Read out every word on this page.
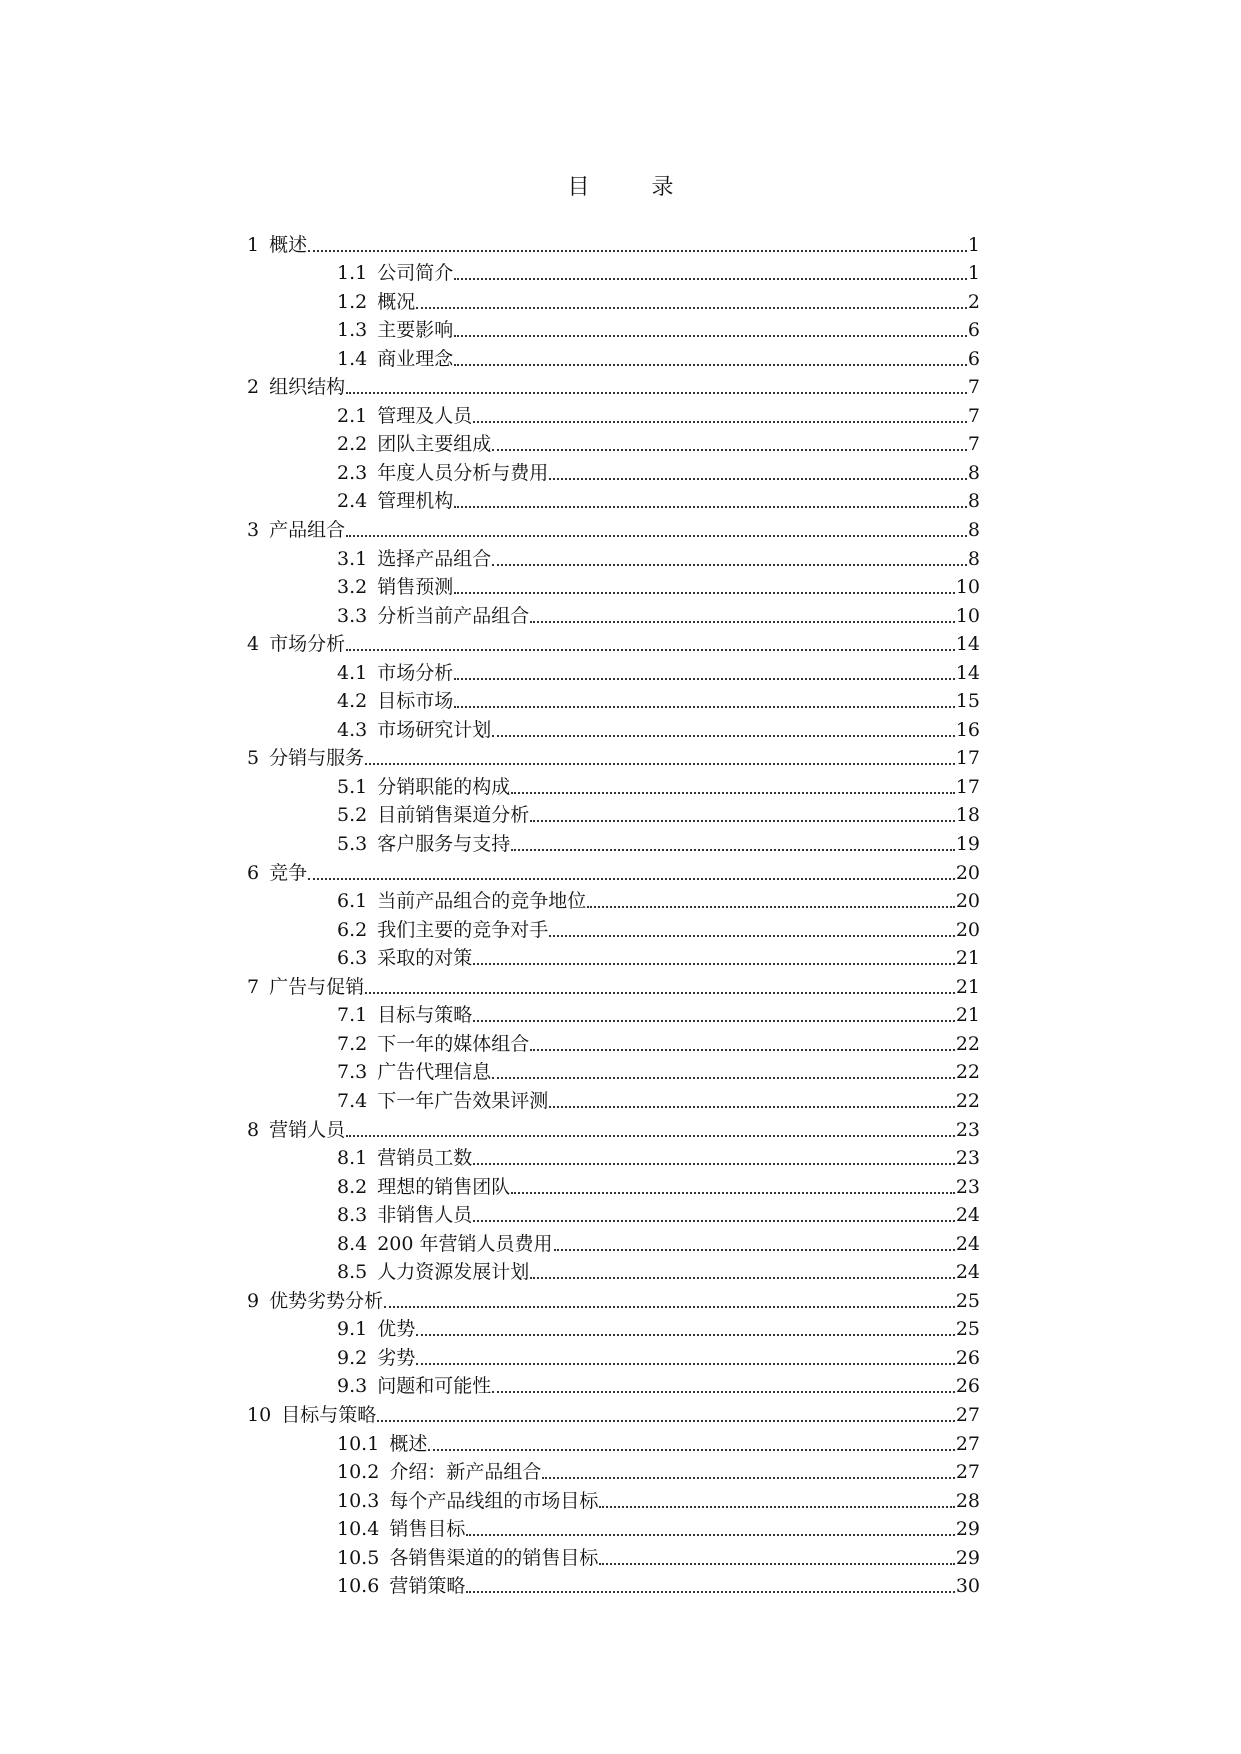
目	录
1 概述	1
1.1 公司简介	1
1.2 概况	2
1.3 主要影响	6
1.4 商业理念	6
2 组织结构	7
2.1 管理及人员	7
2.2 团队主要组成	7
2.3 年度人员分析与费用	8
2.4 管理机构	8
3 产品组合	8
3.1 选择产品组合	8
3.2 销售预测	10
3.3 分析当前产品组合	10
4 市场分析	14
4.1 市场分析	14
4.2 目标市场	15
4.3 市场研究计划	16
5 分销与服务	17
5.1 分销职能的构成	17
5.2 目前销售渠道分析	18
5.3 客户服务与支持	19
6 竞争	20
6.1 当前产品组合的竞争地位	20
6.2 我们主要的竞争对手	20
6.3 采取的对策	21
7 广告与促销	21
7.1 目标与策略	21
7.2 下一年的媒体组合	22
7.3 广告代理信息	22
7.4 下一年广告效果评测	22
8 营销人员	23
8.1 营销员工数	23
8.2 理想的销售团队	23
8.3 非销售人员	24
8.4 200 年营销人员费用	24
8.5 人力资源发展计划	24
9 优势劣势分析	25
9.1 优势	25
9.2 劣势	26
9.3 问题和可能性	26
10 目标与策略	27
10.1 概述	27
10.2 介绍：新产品组合	27
10.3 每个产品线组的市场目标	28
10.4 销售目标	29
10.5 各销售渠道的的销售目标	29
10.6 营销策略	30
